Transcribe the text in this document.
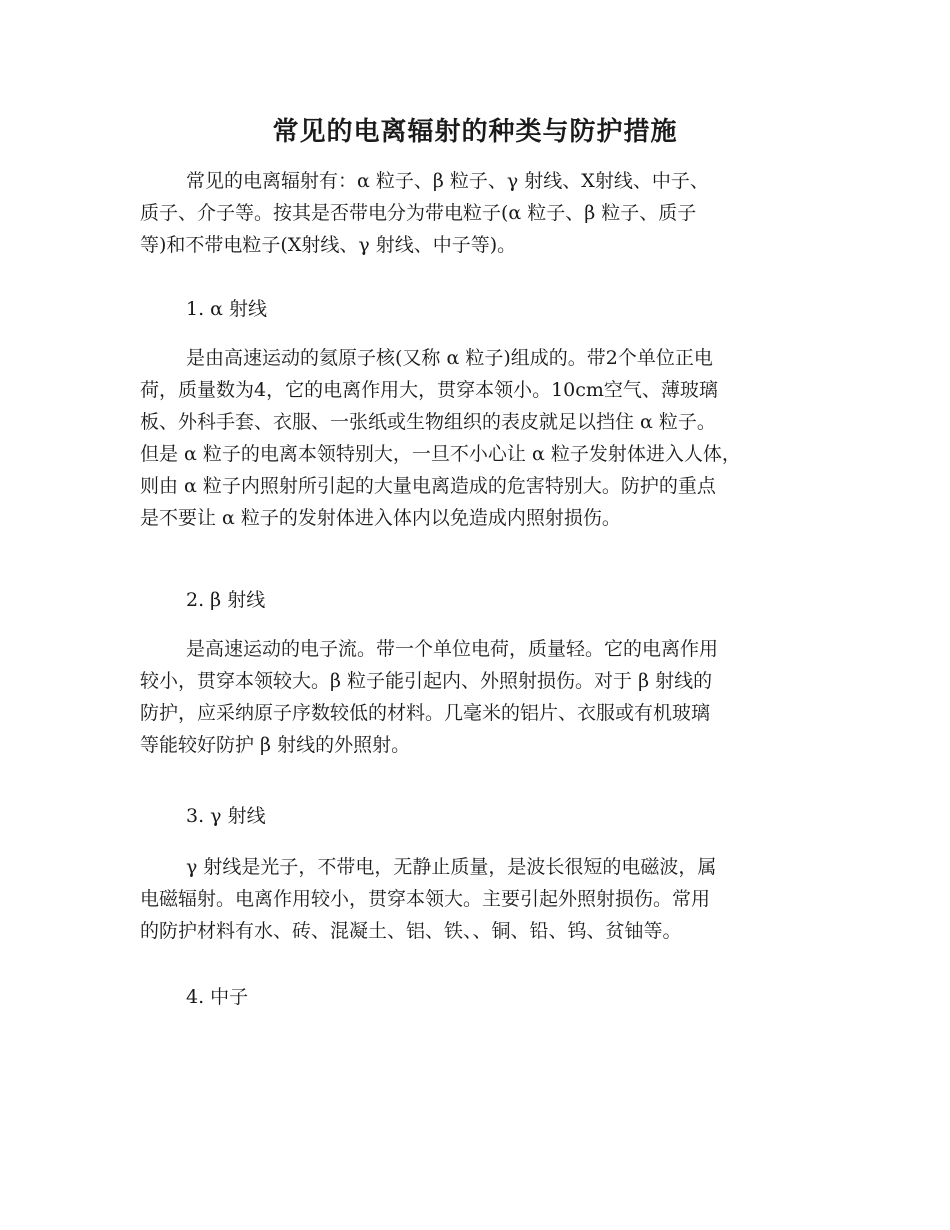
常见的电离辐射的种类与防护措施
常见的电离辐射有：α 粒子、β 粒子、γ 射线、X射线、中子、
质子、介子等。按其是否带电分为带电粒子(α 粒子、β 粒子、质子
等)和不带电粒子(X射线、γ 射线、中子等)。
1. α 射线
是由高速运动的氦原子核(又称 α 粒子)组成的。带2个单位正电
荷，质量数为4，它的电离作用大，贯穿本领小。10cm空气、薄玻璃
板、外科手套、衣服、一张纸或生物组织的表皮就足以挡住 α 粒子。
但是 α 粒子的电离本领特别大，一旦不小心让 α 粒子发射体进入人体，
则由 α 粒子内照射所引起的大量电离造成的危害特别大。防护的重点
是不要让 α 粒子的发射体进入体内以免造成内照射损伤。
2. β 射线
是高速运动的电子流。带一个单位电荷，质量轻。它的电离作用
较小，贯穿本领较大。β 粒子能引起内、外照射损伤。对于 β 射线的
防护，应采纳原子序数较低的材料。几毫米的铝片、衣服或有机玻璃
等能较好防护 β 射线的外照射。
3. γ 射线
γ 射线是光子，不带电，无静止质量，是波长很短的电磁波，属
电磁辐射。电离作用较小，贯穿本领大。主要引起外照射损伤。常用
的防护材料有水、砖、混凝土、铝、铁、、铜、铅、钨、贫铀等。
4. 中子
